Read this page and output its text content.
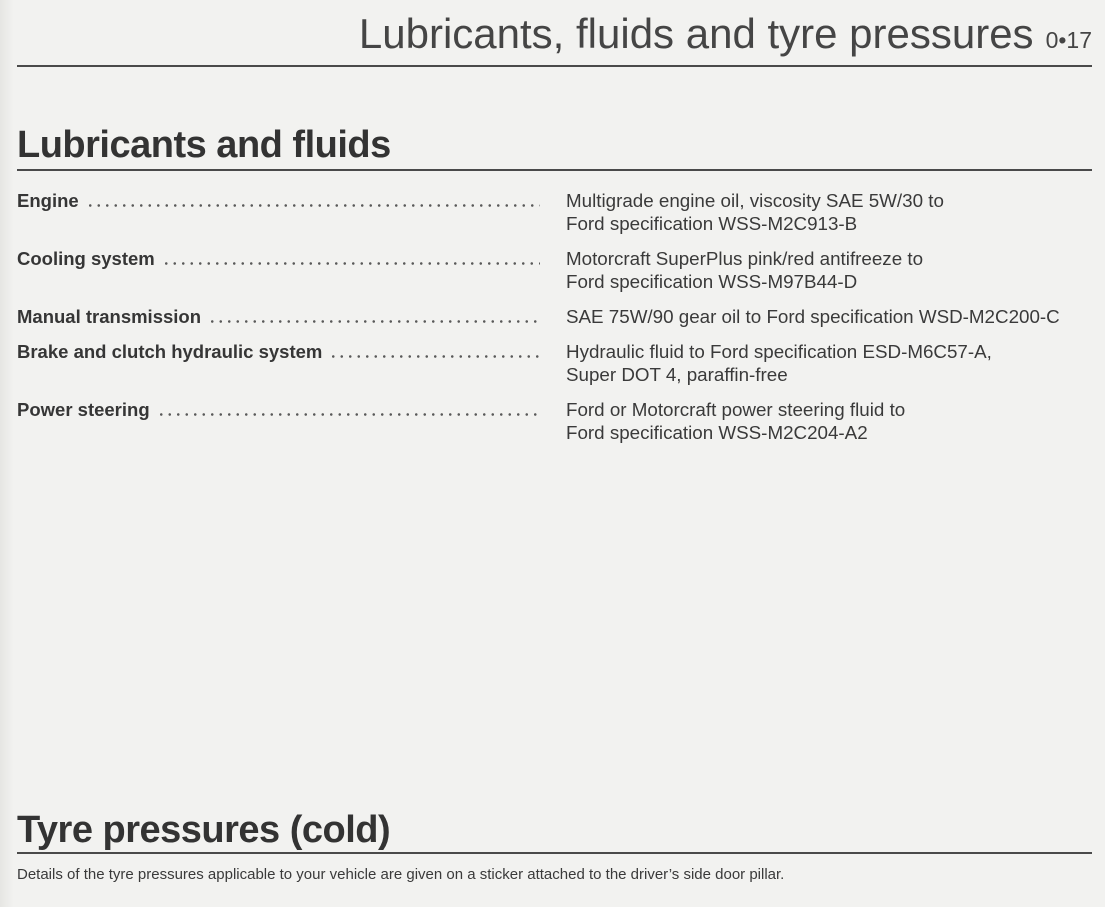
Lubricants, fluids and tyre pressures 0•17
Lubricants and fluids
Engine	Multigrade engine oil, viscosity SAE 5W/30 to
Ford specification WSS-M2C913-B
Cooling system	Motorcraft SuperPlus pink/red antifreeze to
Ford specification WSS-M97B44-D
Manual transmission	SAE 75W/90 gear oil to Ford specification WSD-M2C200-C
Brake and clutch hydraulic system	Hydraulic fluid to Ford specification ESD-M6C57-A,
Super DOT 4, paraffin-free
Power steering	Ford or Motorcraft power steering fluid to
Ford specification WSS-M2C204-A2
Tyre pressures (cold)
Details of the tyre pressures applicable to your vehicle are given on a sticker attached to the driver’s side door pillar.
